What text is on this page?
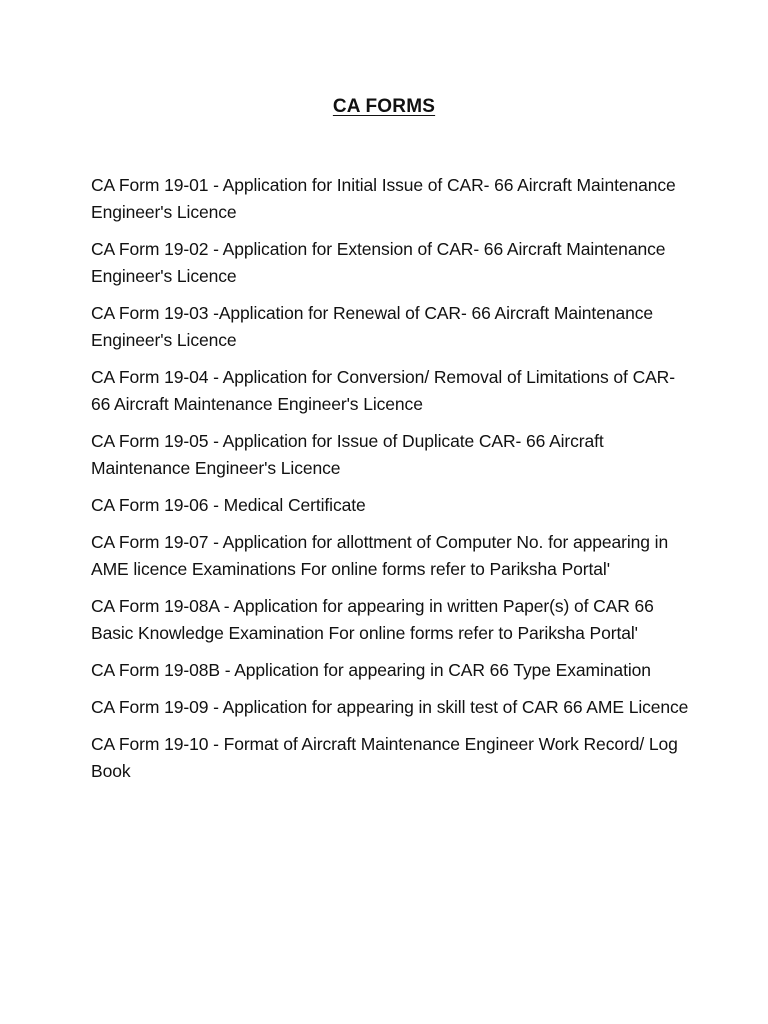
CA FORMS
CA Form 19-01 - Application for Initial Issue of CAR- 66 Aircraft Maintenance Engineer's Licence
CA Form 19-02 - Application for Extension of CAR- 66 Aircraft Maintenance Engineer's Licence
CA Form 19-03 -Application for Renewal of CAR- 66 Aircraft Maintenance Engineer's Licence
CA Form 19-04 - Application for Conversion/ Removal of Limitations of CAR- 66 Aircraft Maintenance Engineer's Licence
CA Form 19-05 - Application for Issue of Duplicate CAR- 66 Aircraft Maintenance Engineer's Licence
CA Form 19-06 - Medical Certificate
CA Form 19-07 - Application for allottment of Computer No. for appearing in AME licence Examinations For online forms refer to Pariksha Portal'
CA Form 19-08A - Application for appearing in written Paper(s) of CAR 66 Basic Knowledge Examination For online forms refer to Pariksha Portal'
CA Form 19-08B - Application for appearing in CAR 66 Type Examination
CA Form 19-09 - Application for appearing in skill test of CAR 66 AME Licence
CA Form 19-10 - Format of Aircraft Maintenance Engineer Work Record/ Log Book
